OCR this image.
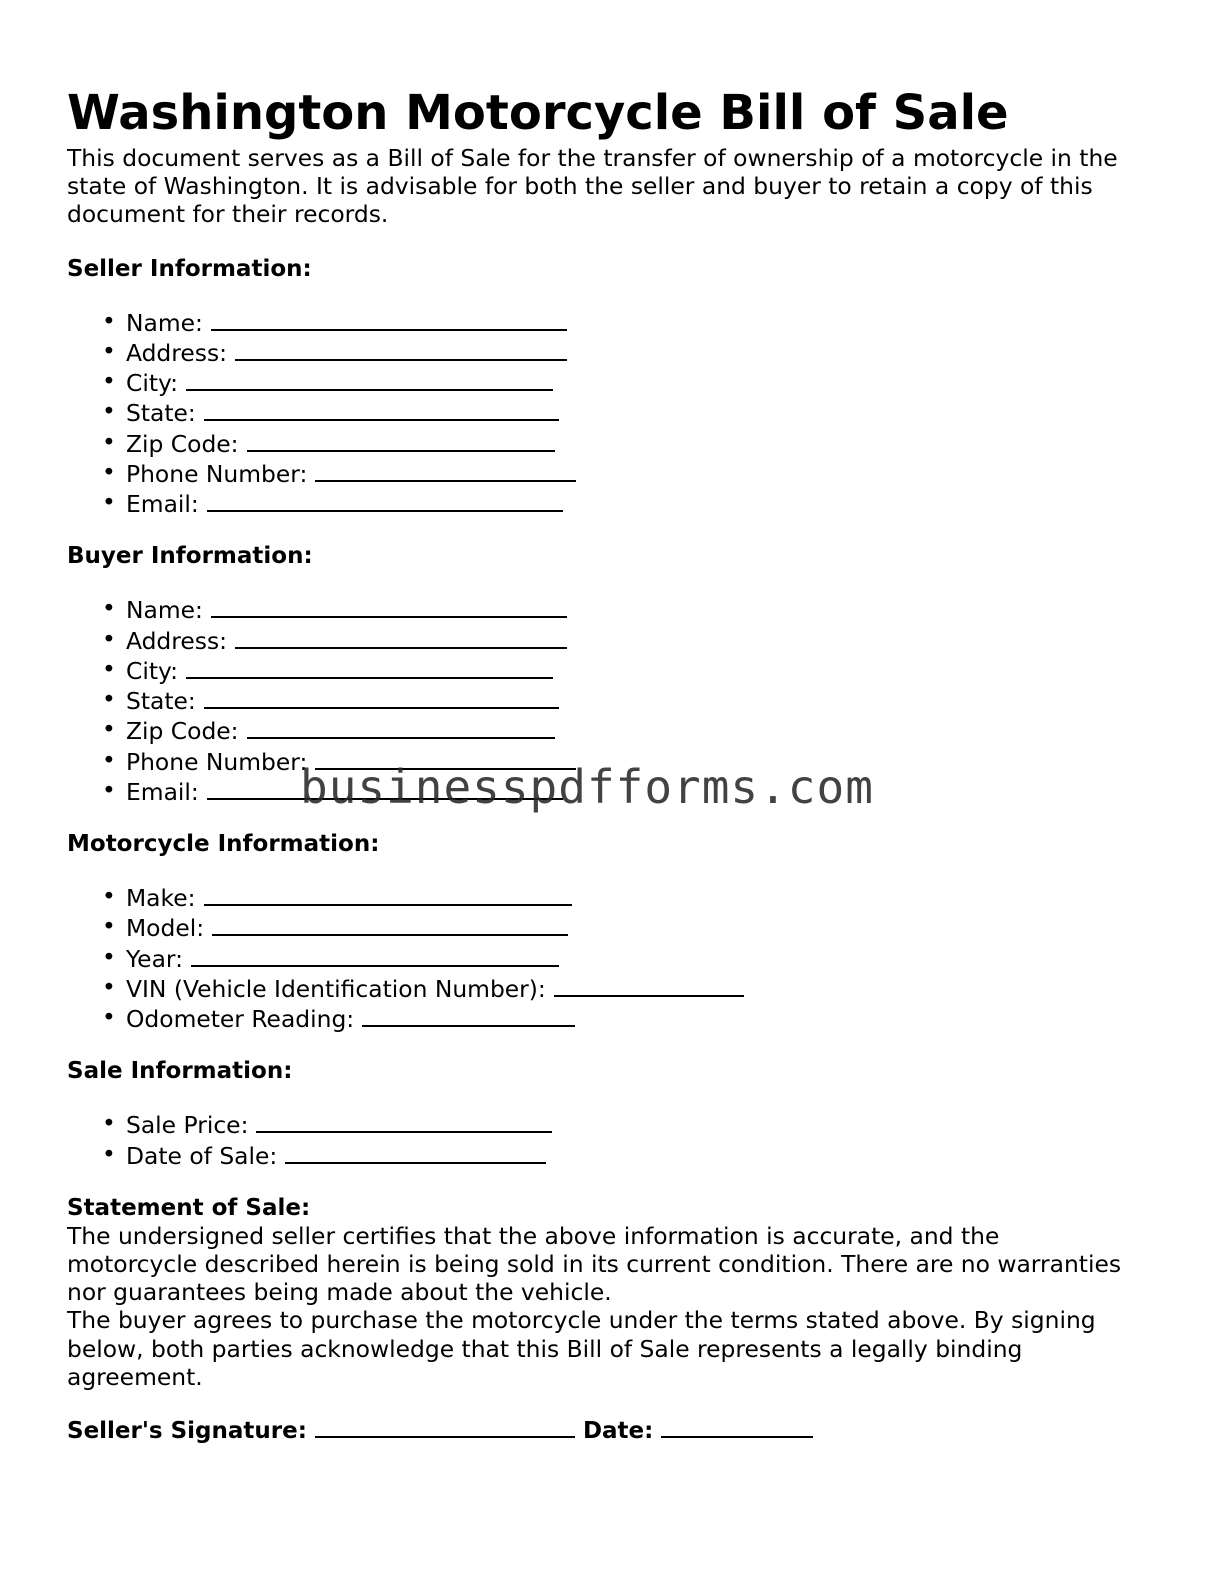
Washington Motorcycle Bill of Sale

This document serves as a Bill of Sale for the transfer of ownership of a motorcycle in the
state of Washington. It is advisable for both the seller and buyer to retain a copy of this
document for their records.

Seller Information:
• Name:
• Address:
• City:
• State:
• Zip Code:
• Phone Number:
• Email:
Buyer Information:
• Name:
• Address:
• City:
• State:
• Zip Code:
• Phone Number:
• Email:
Motorcycle Information:
• Make:
• Model:
• Year:
• VIN (Vehicle Identification Number):
• Odometer Reading:
Sale Information:
• Sale Price:
• Date of Sale:
Statement of Sale:

The undersigned seller certifies that the above information is accurate, and the
motorcycle described herein is being sold in its current condition. There are no warranties
nor guarantees being made about the vehicle.

The buyer agrees to purchase the motorcycle under the terms stated above. By signing
below, both parties acknowledge that this Bill of Sale represents a legally binding
agreement.

Seller's Signature:	Date:
businesspdfforms.com
